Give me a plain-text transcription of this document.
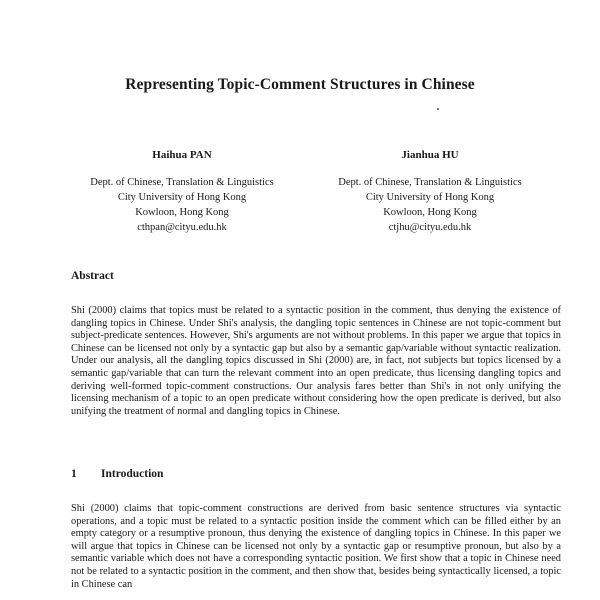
Representing Topic-Comment Structures in Chinese
Haihua PAN
Dept. of Chinese, Translation & Linguistics
City University of Hong Kong
Kowloon, Hong Kong
cthpan@cityu.edu.hk
Jianhua HU
Dept. of Chinese, Translation & Linguistics
City University of Hong Kong
Kowloon, Hong Kong
ctjhu@cityu.edu.hk
Abstract
Shi (2000) claims that topics must be related to a syntactic position in the comment, thus denying the existence of dangling topics in Chinese. Under Shi's analysis, the dangling topic sentences in Chinese are not topic-comment but subject-predicate sentences. However, Shi's arguments are not without problems. In this paper we argue that topics in Chinese can be licensed not only by a syntactic gap but also by a semantic gap/variable without syntactic realization. Under our analysis, all the dangling topics discussed in Shi (2000) are, in fact, not subjects but topics licensed by a semantic gap/variable that can turn the relevant comment into an open predicate, thus licensing dangling topics and deriving well-formed topic-comment constructions. Our analysis fares better than Shi's in not only unifying the licensing mechanism of a topic to an open predicate without considering how the open predicate is derived, but also unifying the treatment of normal and dangling topics in Chinese.
1 Introduction
Shi (2000) claims that topic-comment constructions are derived from basic sentence structures via syntactic operations, and a topic must be related to a syntactic position inside the comment which can be filled either by an empty category or a resumptive pronoun, thus denying the existence of dangling topics in Chinese. In this paper we will argue that topics in Chinese can be licensed not only by a syntactic gap or resumptive pronoun, but also by a semantic variable which does not have a corresponding syntactic position. We first show that a topic in Chinese need not be related to a syntactic position in the comment, and then show that, besides being syntactically licensed, a topic in Chinese can
